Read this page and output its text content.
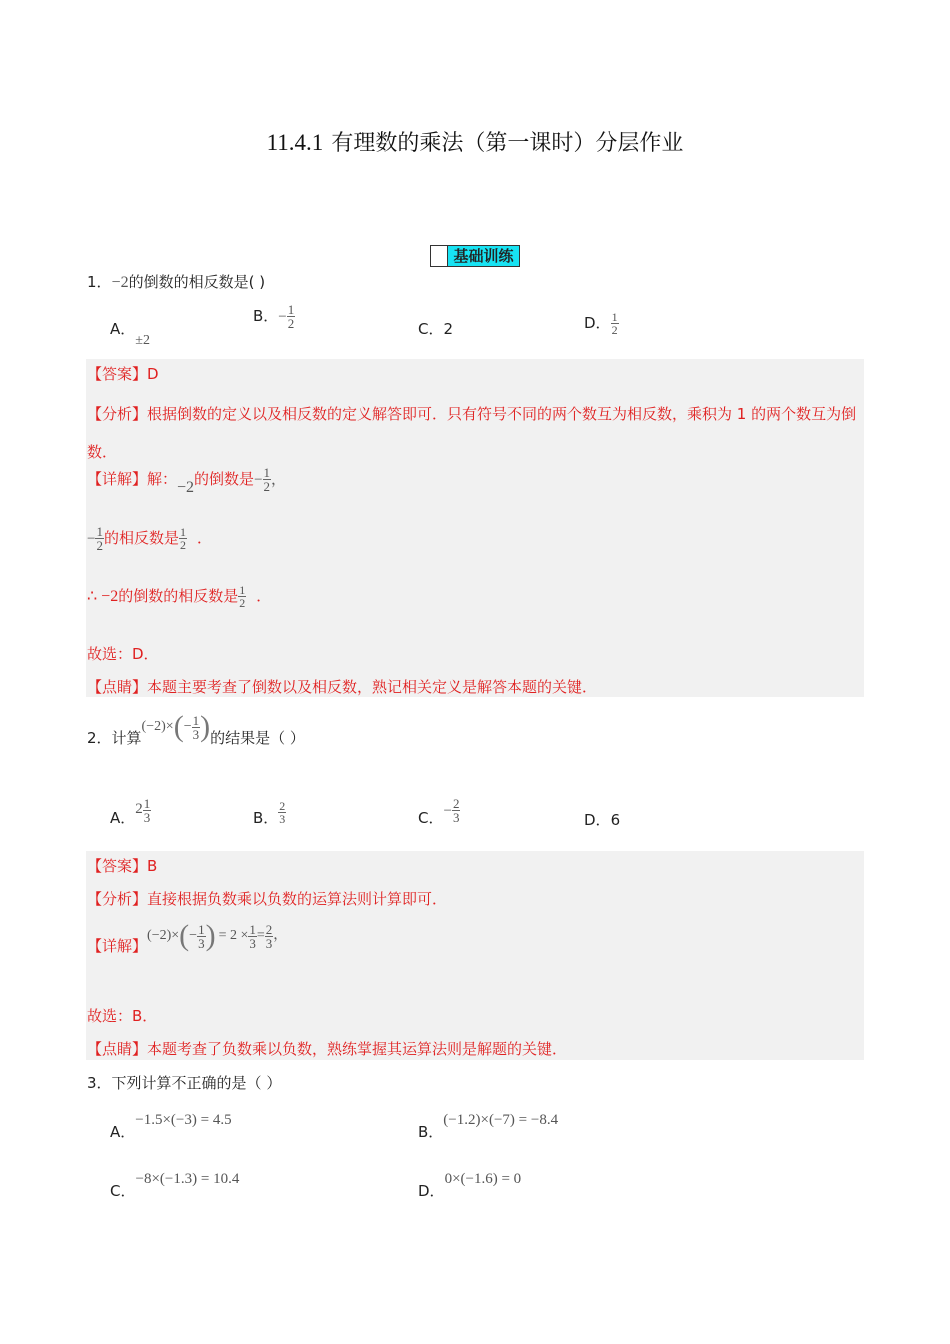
11.4.1 有理数的乘法（第一课时）分层作业
基础训练
1．−2的倒数的相反数是( )
A．±2
B．− $\frac{1}{2}$	C．2	D． $\frac{1}{2}$
【答案】D
【分析】根据倒数的定义以及相反数的定义解答即可．只有符号不同的两个数互为相反数，乘积为 1 的两个数互为倒数．
【详解】解：−2的倒数是− $\frac{1}{2}$ ，
− $\frac{1}{2}$ 的相反数是 $\frac{1}{2}$ ．
∴ −2的倒数的相反数是 $\frac{1}{2}$ ．
故选：D．
【点睛】本题主要考查了倒数以及相反数，熟记相关定义是解答本题的关键．
2．计算$(-2)\times(- \frac{1}{3}$ )的结果是（ ）
A．$2 \frac{1}{3}$	B． $\frac{2}{3}$	C．− $\frac{2}{3}$	D．6
【答案】B
【分析】直接根据负数乘以负数的运算法则计算即可．
【详解】$(-2)\times(- \frac{1}{3}$ ) = $2 \times \frac{1}{3} = \frac{2}{3}$ ，
故选：B．
【点睛】本题考查了负数乘以负数，熟练掌握其运算法则是解题的关键．
3．下列计算不正确的是（ ）
A．−1.5×(−3) = 4.5
B．(−1.2)×(−7) = −8.4
C．−8×(−1.3) = 10.4
D．0×(−1.6) = 0
